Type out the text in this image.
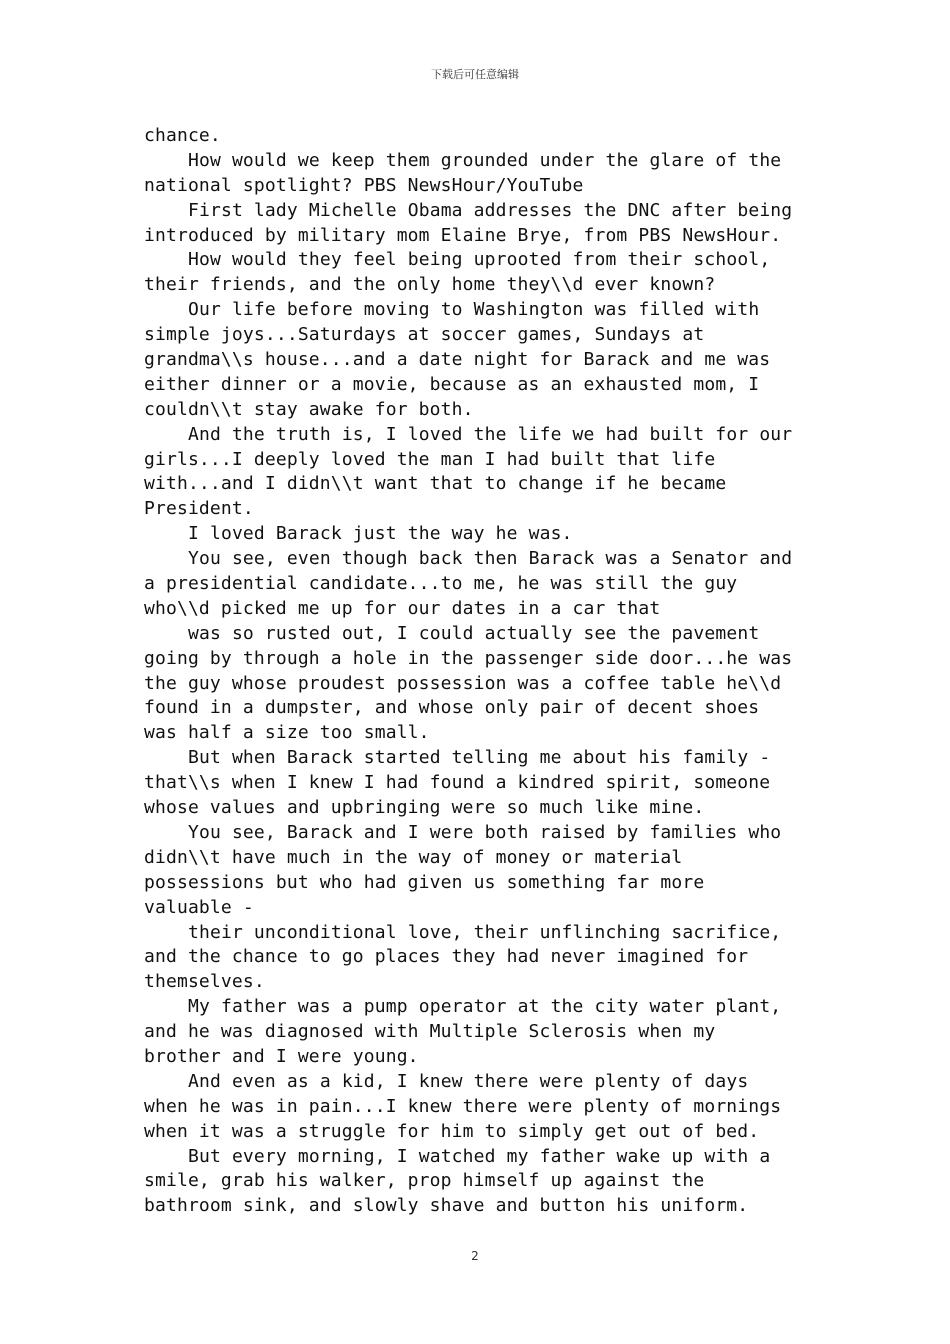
下载后可任意编辑
chance.
How would we keep them grounded under the glare of the
national spotlight? PBS NewsHour/YouTube
First lady Michelle Obama addresses the DNC after being
introduced by military mom Elaine Brye, from PBS NewsHour.
How would they feel being uprooted from their school,
their friends, and the only home they\\d ever known?
Our life before moving to Washington was filled with
simple joys...Saturdays at soccer games, Sundays at
grandma\\s house...and a date night for Barack and me was
either dinner or a movie, because as an exhausted mom, I
couldn\\t stay awake for both.
And the truth is, I loved the life we had built for our
girls...I deeply loved the man I had built that life
with...and I didn\\t want that to change if he became
President.
I loved Barack just the way he was.
You see, even though back then Barack was a Senator and
a presidential candidate...to me, he was still the guy
who\\d picked me up for our dates in a car that
was so rusted out, I could actually see the pavement
going by through a hole in the passenger side door...he was
the guy whose proudest possession was a coffee table he\\d
found in a dumpster, and whose only pair of decent shoes
was half a size too small.
But when Barack started telling me about his family -
that\\s when I knew I had found a kindred spirit, someone
whose values and upbringing were so much like mine.
You see, Barack and I were both raised by families who
didn\\t have much in the way of money or material
possessions but who had given us something far more
valuable -
their unconditional love, their unflinching sacrifice,
and the chance to go places they had never imagined for
themselves.
My father was a pump operator at the city water plant,
and he was diagnosed with Multiple Sclerosis when my
brother and I were young.
And even as a kid, I knew there were plenty of days
when he was in pain...I knew there were plenty of mornings
when it was a struggle for him to simply get out of bed.
But every morning, I watched my father wake up with a
smile, grab his walker, prop himself up against the
bathroom sink, and slowly shave and button his uniform.
2
